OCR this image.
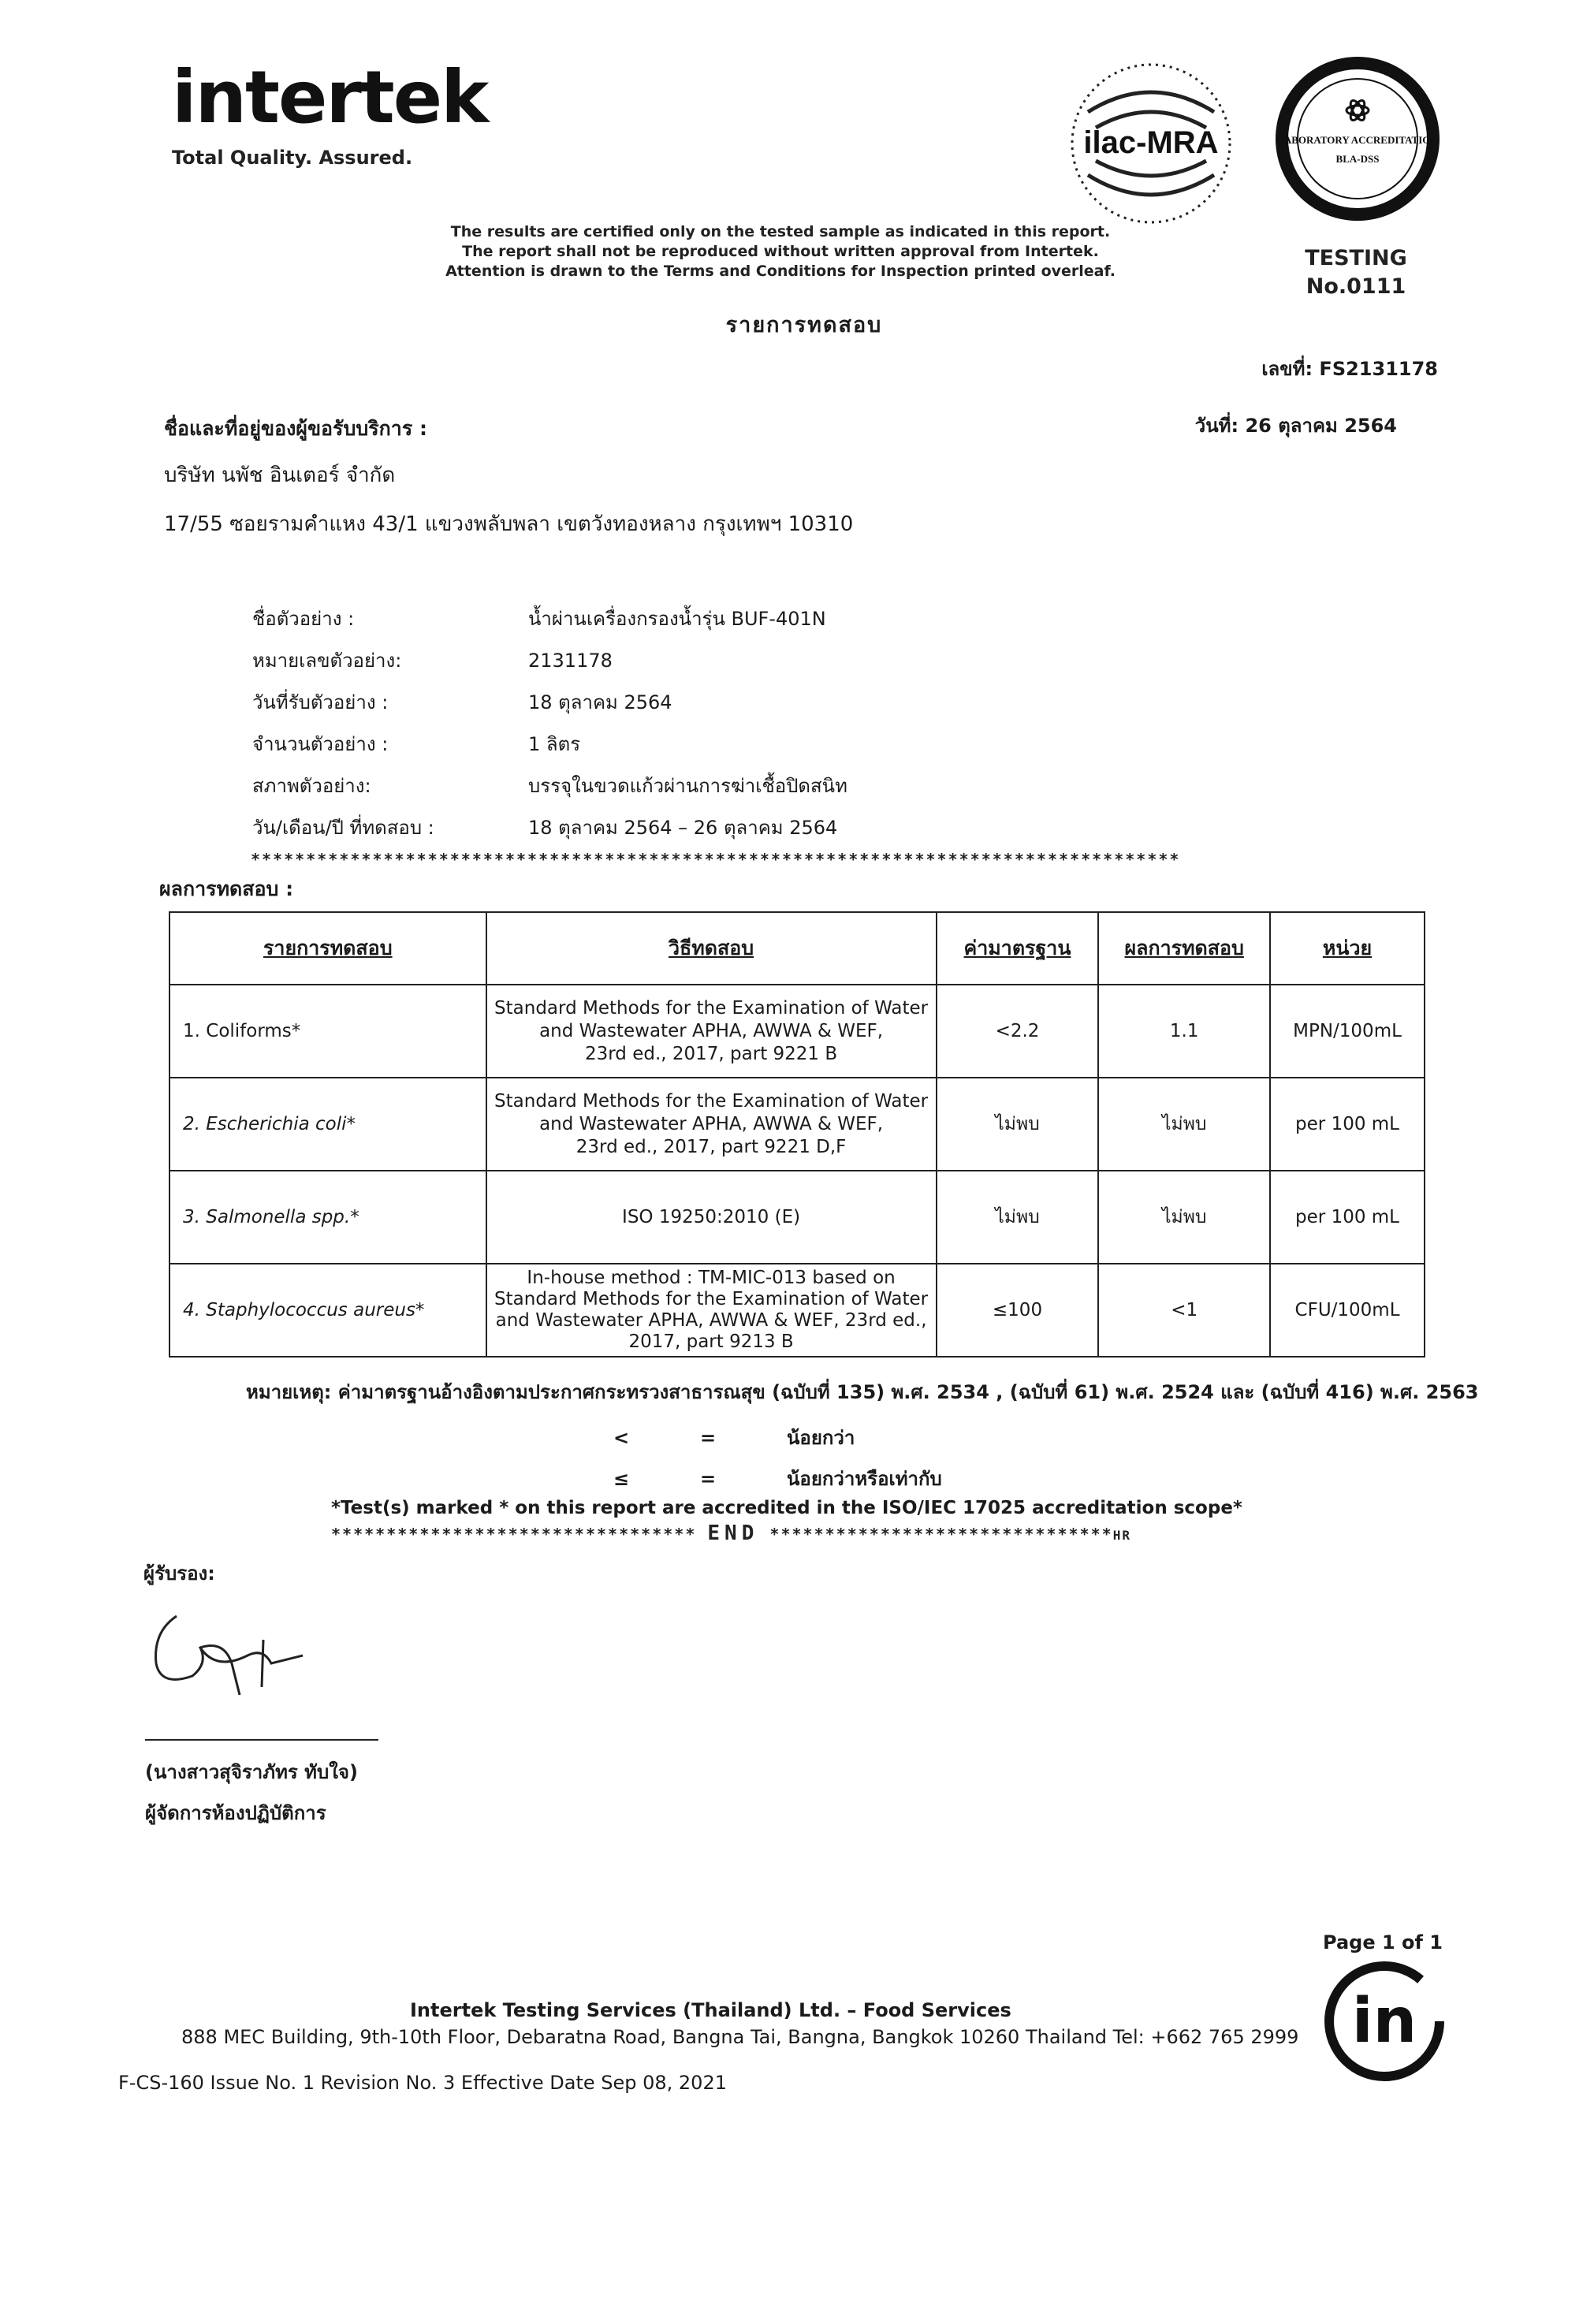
intertek
Total Quality. Assured.	ilac-MRA	LABORATORY ACCREDITATION
BLA-DSS
TESTING
No.0111
The results are certified only on the tested sample as indicated in this report.
The report shall not be reproduced without written approval from Intertek.
Attention is drawn to the Terms and Conditions for Inspection printed overleaf.
รายการทดสอบ
เลขที่: FS2131178
วันที่: 26 ตุลาคม 2564
ชื่อและที่อยู่ของผู้ขอรับบริการ :
บริษัท นพัช อินเตอร์ จำกัด
17/55 ซอยรามคำแหง 43/1 แขวงพลับพลา เขตวังทองหลาง กรุงเทพฯ 10310
ชื่อตัวอย่าง :	น้ำผ่านเครื่องกรองน้ำรุ่น BUF-401N
หมายเลขตัวอย่าง:	2131178
วันที่รับตัวอย่าง :	18 ตุลาคม 2564
จำนวนตัวอย่าง :	1 ลิตร
สภาพตัวอย่าง:	บรรจุในขวดแก้วผ่านการฆ่าเชื้อปิดสนิท
วัน/เดือน/ปี ที่ทดสอบ :	18 ตุลาคม 2564 – 26 ตุลาคม 2564
************************************************************************************
ผลการทดสอบ :
รายการทดสอบ	วิธีทดสอบ	ค่ามาตรฐาน	ผลการทดสอบ	หน่วย
1. Coliforms*	Standard Methods for the Examination of Water
and Wastewater APHA, AWWA & WEF,
23rd ed., 2017, part 9221 B	<2.2	1.1	MPN/100mL
2. Escherichia coli*	Standard Methods for the Examination of Water
and Wastewater APHA, AWWA & WEF,
23rd ed., 2017, part 9221 D,F	ไม่พบ	ไม่พบ	per 100 mL
3. Salmonella spp.*	ISO 19250:2010 (E)	ไม่พบ	ไม่พบ	per 100 mL
4. Staphylococcus aureus*	In-house method : TM-MIC-013 based on
Standard Methods for the Examination of Water
and Wastewater APHA, AWWA & WEF, 23rd ed.,
2017, part 9213 B	≤100	<1	CFU/100mL
หมายเหตุ: ค่ามาตรฐานอ้างอิงตามประกาศกระทรวงสาธารณสุข (ฉบับที่ 135) พ.ศ. 2534 , (ฉบับที่ 61) พ.ศ. 2524 และ (ฉบับที่ 416) พ.ศ. 2563
<	=	น้อยกว่า
≤	=	น้อยกว่าหรือเท่ากับ
*Test(s) marked * on this report are accredited in the ISO/IEC 17025 accreditation scope*
********************************* END *******************************HR
ผู้รับรอง:
(นางสาวสุจิราภัทร ทับใจ)
ผู้จัดการห้องปฏิบัติการ
Page 1 of 1
in
Intertek Testing Services (Thailand) Ltd. – Food Services
888 MEC Building, 9th-10th Floor, Debaratna Road, Bangna Tai, Bangna, Bangkok 10260 Thailand Tel: +662 765 2999
F-CS-160 Issue No. 1 Revision No. 3 Effective Date Sep 08, 2021
